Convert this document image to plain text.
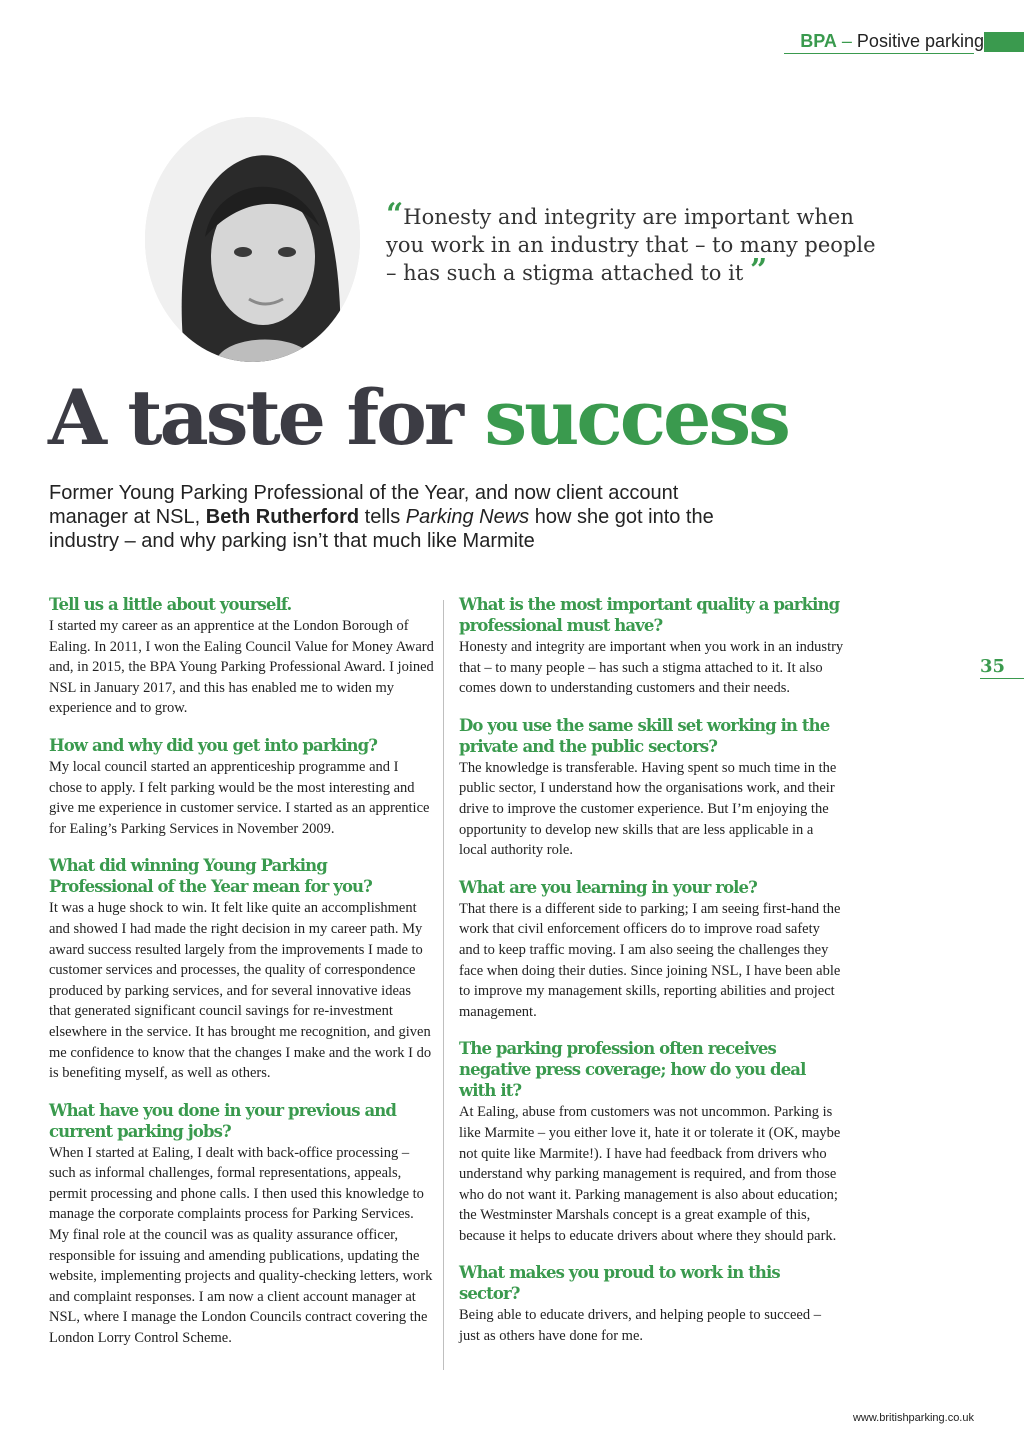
BPA – Positive parking
“Honesty and integrity are important when you work in an industry that – to many people – has such a stigma attached to it ”
A taste for success

Former Young Parking Professional of the Year, and now client account manager at NSL, Beth Rutherford tells Parking News how she got into the industry – and why parking isn’t that much like Marmite

Tell us a little about yourself.

I started my career as an apprentice at the London Borough of Ealing. In 2011, I won the Ealing Council Value for Money Award and, in 2015, the BPA Young Parking Professional Award. I joined NSL in January 2017, and this has enabled me to widen my experience and to grow.

How and why did you get into parking?

My local council started an apprenticeship programme and I chose to apply. I felt parking would be the most interesting and give me experience in customer service. I started as an apprentice for Ealing’s Parking Services in November 2009.

What did winning Young Parking Professional of the Year mean for you?

It was a huge shock to win. It felt like quite an accomplishment and showed I had made the right decision in my career path. My award success resulted largely from the improvements I made to customer services and processes, the quality of correspondence produced by parking services, and for several innovative ideas that generated significant council savings for re-investment elsewhere in the service. It has brought me recognition, and given me confidence to know that the changes I make and the work I do is benefiting myself, as well as others.

What have you done in your previous and current parking jobs?

When I started at Ealing, I dealt with back-office processing – such as informal challenges, formal representations, appeals, permit processing and phone calls. I then used this knowledge to manage the corporate complaints process for Parking Services. My final role at the council was as quality assurance officer, responsible for issuing and amending publications, updating the website, implementing projects and quality-checking letters, work and complaint responses. I am now a client account manager at NSL, where I manage the London Councils contract covering the London Lorry Control Scheme.

What is the most important quality a parking professional must have?

Honesty and integrity are important when you work in an industry that – to many people – has such a stigma attached to it. It also comes down to understanding customers and their needs.

Do you use the same skill set working in the private and the public sectors?

The knowledge is transferable. Having spent so much time in the public sector, I understand how the organisations work, and their drive to improve the customer experience. But I’m enjoying the opportunity to develop new skills that are less applicable in a local authority role.

What are you learning in your role?

That there is a different side to parking; I am seeing first-hand the work that civil enforcement officers do to improve road safety and to keep traffic moving. I am also seeing the challenges they face when doing their duties. Since joining NSL, I have been able to improve my management skills, reporting abilities and project management.

The parking profession often receives negative press coverage; how do you deal with it?

At Ealing, abuse from customers was not uncommon. Parking is like Marmite – you either love it, hate it or tolerate it (OK, maybe not quite like Marmite!). I have had feedback from drivers who understand why parking management is required, and from those who do not want it. Parking management is also about education; the Westminster Marshals concept is a great example of this, because it helps to educate drivers about where they should park.

What makes you proud to work in this sector?

Being able to educate drivers, and helping people to succeed – just as others have done for me.

35
www.britishparking.co.uk
